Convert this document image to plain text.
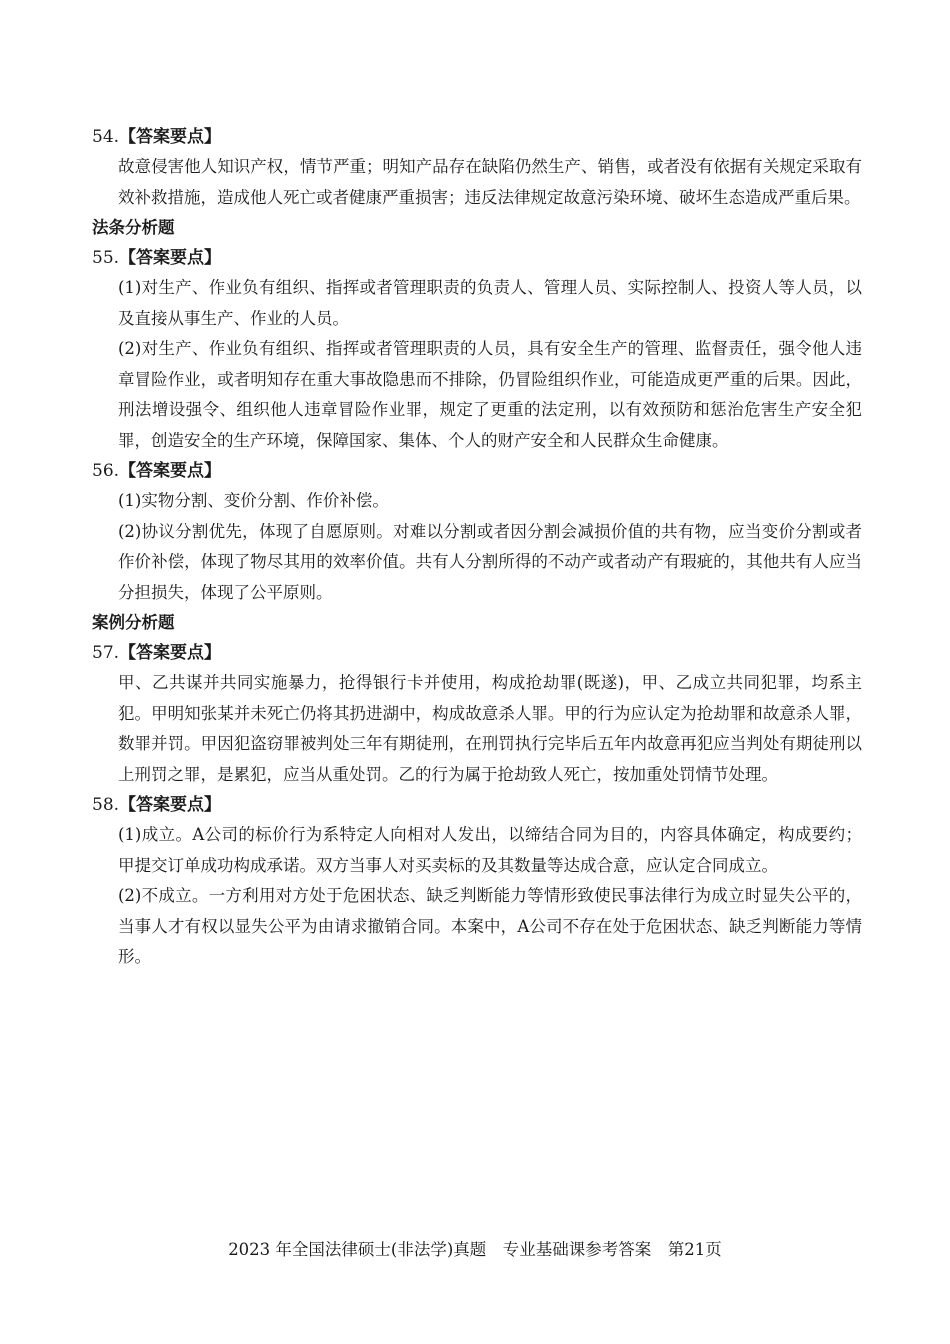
54.【答案要点】
故意侵害他人知识产权，情节严重；明知产品存在缺陷仍然生产、销售，或者没有依据有关规定采取有效补救措施，造成他人死亡或者健康严重损害；违反法律规定故意污染环境、破坏生态造成严重后果。
法条分析题
55.【答案要点】
(1)对生产、作业负有组织、指挥或者管理职责的负责人、管理人员、实际控制人、投资人等人员，以及直接从事生产、作业的人员。
(2)对生产、作业负有组织、指挥或者管理职责的人员，具有安全生产的管理、监督责任，强令他人违章冒险作业，或者明知存在重大事故隐患而不排除，仍冒险组织作业，可能造成更严重的后果。因此，刑法增设强令、组织他人违章冒险作业罪，规定了更重的法定刑，以有效预防和惩治危害生产安全犯罪，创造安全的生产环境，保障国家、集体、个人的财产安全和人民群众生命健康。
56.【答案要点】
(1)实物分割、变价分割、作价补偿。
(2)协议分割优先，体现了自愿原则。对难以分割或者因分割会减损价值的共有物，应当变价分割或者作价补偿，体现了物尽其用的效率价值。共有人分割所得的不动产或者动产有瑕疵的，其他共有人应当分担损失，体现了公平原则。
案例分析题
57.【答案要点】
甲、乙共谋并共同实施暴力，抢得银行卡并使用，构成抢劫罪(既遂)，甲、乙成立共同犯罪，均系主犯。甲明知张某并未死亡仍将其扔进湖中，构成故意杀人罪。甲的行为应认定为抢劫罪和故意杀人罪，数罪并罚。甲因犯盗窃罪被判处三年有期徒刑，在刑罚执行完毕后五年内故意再犯应当判处有期徒刑以上刑罚之罪，是累犯，应当从重处罚。乙的行为属于抢劫致人死亡，按加重处罚情节处理。
58.【答案要点】
(1)成立。A公司的标价行为系特定人向相对人发出，以缔结合同为目的，内容具体确定，构成要约；甲提交订单成功构成承诺。双方当事人对买卖标的及其数量等达成合意，应认定合同成立。
(2)不成立。一方利用对方处于危困状态、缺乏判断能力等情形致使民事法律行为成立时显失公平的，当事人才有权以显失公平为由请求撤销合同。本案中，A公司不存在处于危困状态、缺乏判断能力等情形。
2023 年全国法律硕士(非法学)真题　专业基础课参考答案　第21页
